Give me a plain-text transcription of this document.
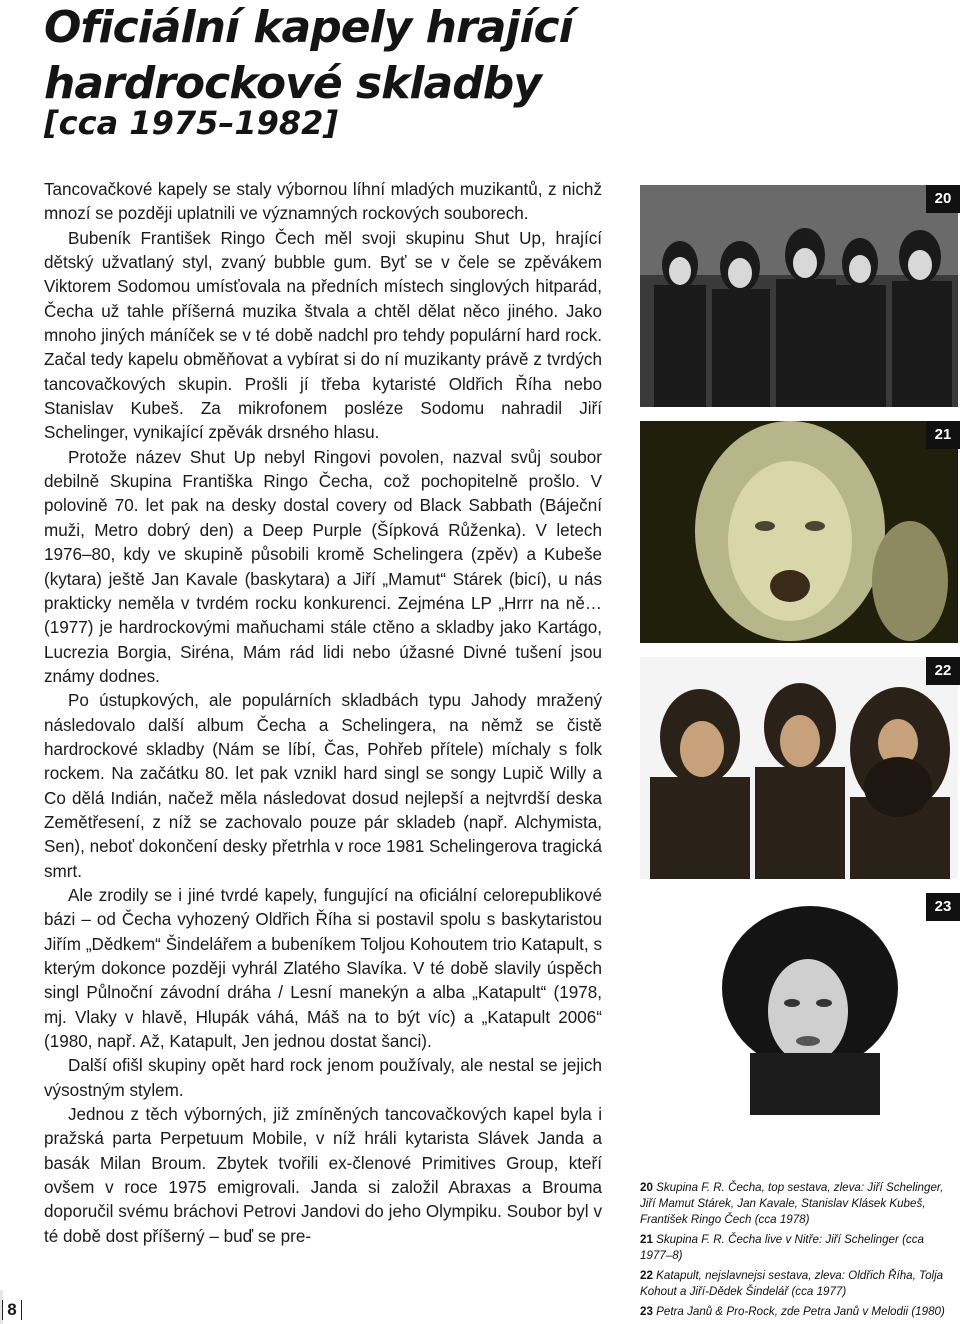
Oficiální kapely hrající hardrockové skladby
[cca 1975–1982]

Tancovačkové kapely se staly výbornou líhní mladých muzikantů, z nichž mnozí se později uplatnili ve významných rockových souborech.

Bubeník František Ringo Čech měl svoji skupinu Shut Up, hrající dětský užvatlaný styl, zvaný bubble gum. Byť se v čele se zpěvákem Viktorem Sodomou umísťovala na předních místech singlových hitparád, Čecha už tahle příšerná muzika štvala a chtěl dělat něco jiného. Jako mnoho jiných máníček se v té době nadchl pro tehdy populární hard rock. Začal tedy kapelu obměňovat a vybírat si do ní muzikanty právě z tvrdých tancovačkových skupin. Prošli jí třeba kytaristé Oldřich Říha nebo Stanislav Kubeš. Za mikrofonem posléze Sodomu nahradil Jiří Schelinger, vynikající zpěvák drsného hlasu.

Protože název Shut Up nebyl Ringovi povolen, nazval svůj soubor debilně Skupina Františka Ringo Čecha, což pochopitelně prošlo. V polovině 70. let pak na desky dostal covery od Black Sabbath (Báječní muži, Metro dobrý den) a Deep Purple (Šípková Růženka). V letech 1976–80, kdy ve skupině působili kromě Schelingera (zpěv) a Kubeše (kytara) ještě Jan Kavale (baskytara) a Jiří „Mamut“ Stárek (bicí), u nás prakticky neměla v tvrdém rocku konkurenci. Zejména LP „Hrrr na ně… (1977) je hardrockovými maňuchami stále ctěno a skladby jako Kartágo, Lucrezia Borgia, Siréna, Mám rád lidi nebo úžasné Divné tušení jsou známy dodnes.

Po ústupkových, ale populárních skladbách typu Jahody mražený následovalo další album Čecha a Schelingera, na němž se čistě hardrockové skladby (Nám se líbí, Čas, Pohřeb přítele) míchaly s folk rockem. Na začátku 80. let pak vznikl hard singl se songy Lupič Willy a Co dělá Indián, načež měla následovat dosud nejlepší a nejtvrdší deska Zemětřesení, z níž se zachovalo pouze pár skladeb (např. Alchymista, Sen), neboť dokončení desky přetrhla v roce 1981 Schelingerova tragická smrt.

Ale zrodily se i jiné tvrdé kapely, fungující na oficiální celorepublikové bázi – od Čecha vyhozený Oldřich Říha si postavil spolu s baskytaristou Jiřím „Dědkem“ Šindelářem a bubeníkem Toljou Kohoutem trio Katapult, s kterým dokonce později vyhrál Zlatého Slavíka. V té době slavily úspěch singl Půlnoční závodní dráha / Lesní manekýn a alba „Katapult“ (1978, mj. Vlaky v hlavě, Hlupák váhá, Máš na to být víc) a „Katapult 2006“ (1980, např. Až, Katapult, Jen jednou dostat šanci).

Další ofišl skupiny opět hard rock jenom používaly, ale nestal se jejich výsostným stylem.

Jednou z těch výborných, již zmíněných tancovačkových kapel byla i pražská parta Perpetuum Mobile, v níž hráli kytarista Slávek Janda a basák Milan Broum. Zbytek tvořili ex-členové Primitives Group, kteří ovšem v roce 1975 emigrovali. Janda si založil Abraxas a Brouma doporučil svému bráchovi Petrovi Jandovi do jeho Olympiku. Soubor byl v té době dost příšerný – buď se pre-

20
21
22
23

20 Skupina F. R. Čecha, top sestava, zleva: Jiří Schelinger, Jiří Mamut Stárek, Jan Kavale, Stanislav Klásek Kubeš, František Ringo Čech (cca 1978)

21 Skupina F. R. Čecha live v Nitře: Jiří Schelinger (cca 1977–8)

22 Katapult, nejslavnejsi sestava, zleva: Oldřich Říha, Tolja Kohout a Jiří-Dědek Šindelář (cca 1977)

23 Petra Janů & Pro-Rock, zde Petra Janů v Melodii (1980)

8
